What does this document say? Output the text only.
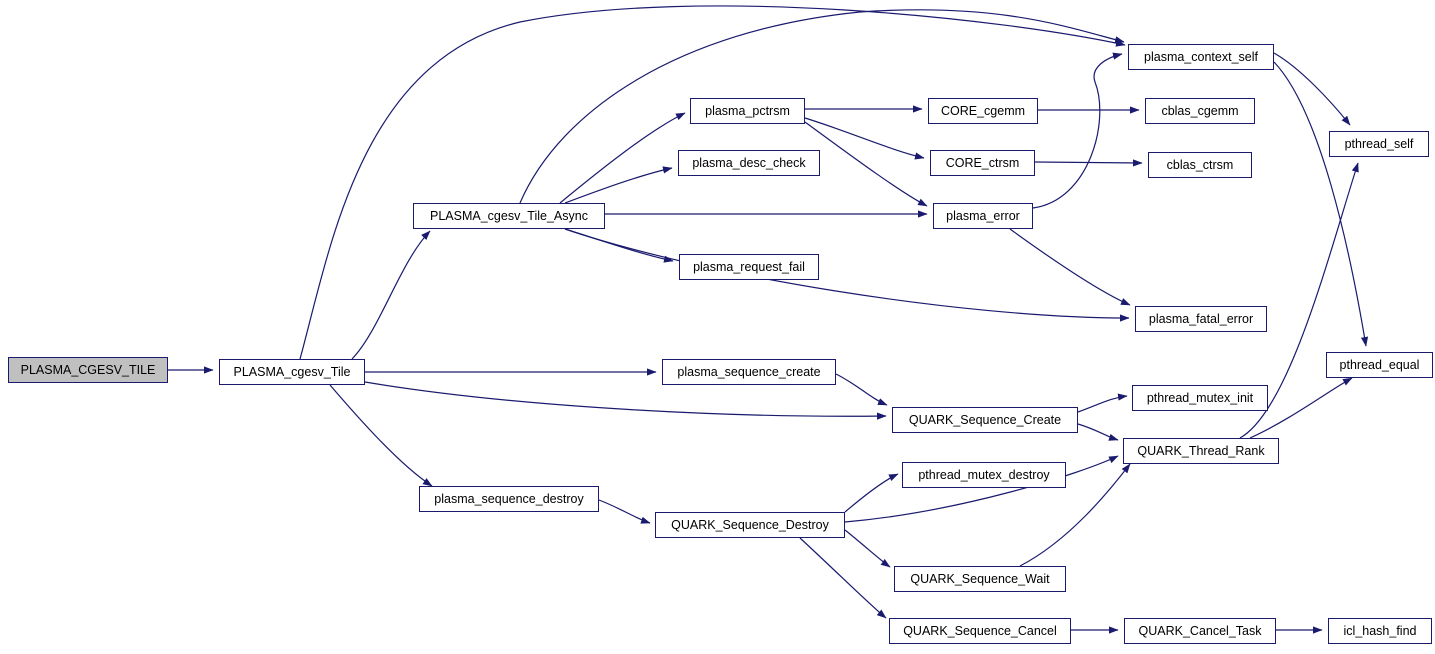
PLASMA_CGESV_TILE	PLASMA_cgesv_Tile
PLASMA_cgesv_Tile_Async
plasma_pctrsm
plasma_desc_check
plasma_request_fail
CORE_cgemm
CORE_ctrsm
plasma_error
cblas_cgemm
cblas_ctrsm
plasma_context_self
pthread_self
plasma_fatal_error
plasma_sequence_create
QUARK_Sequence_Create
pthread_mutex_init
QUARK_Thread_Rank
pthread_equal
plasma_sequence_destroy
QUARK_Sequence_Destroy
pthread_mutex_destroy
QUARK_Sequence_Wait
QUARK_Sequence_Cancel	QUARK_Cancel_Task	icl_hash_find
